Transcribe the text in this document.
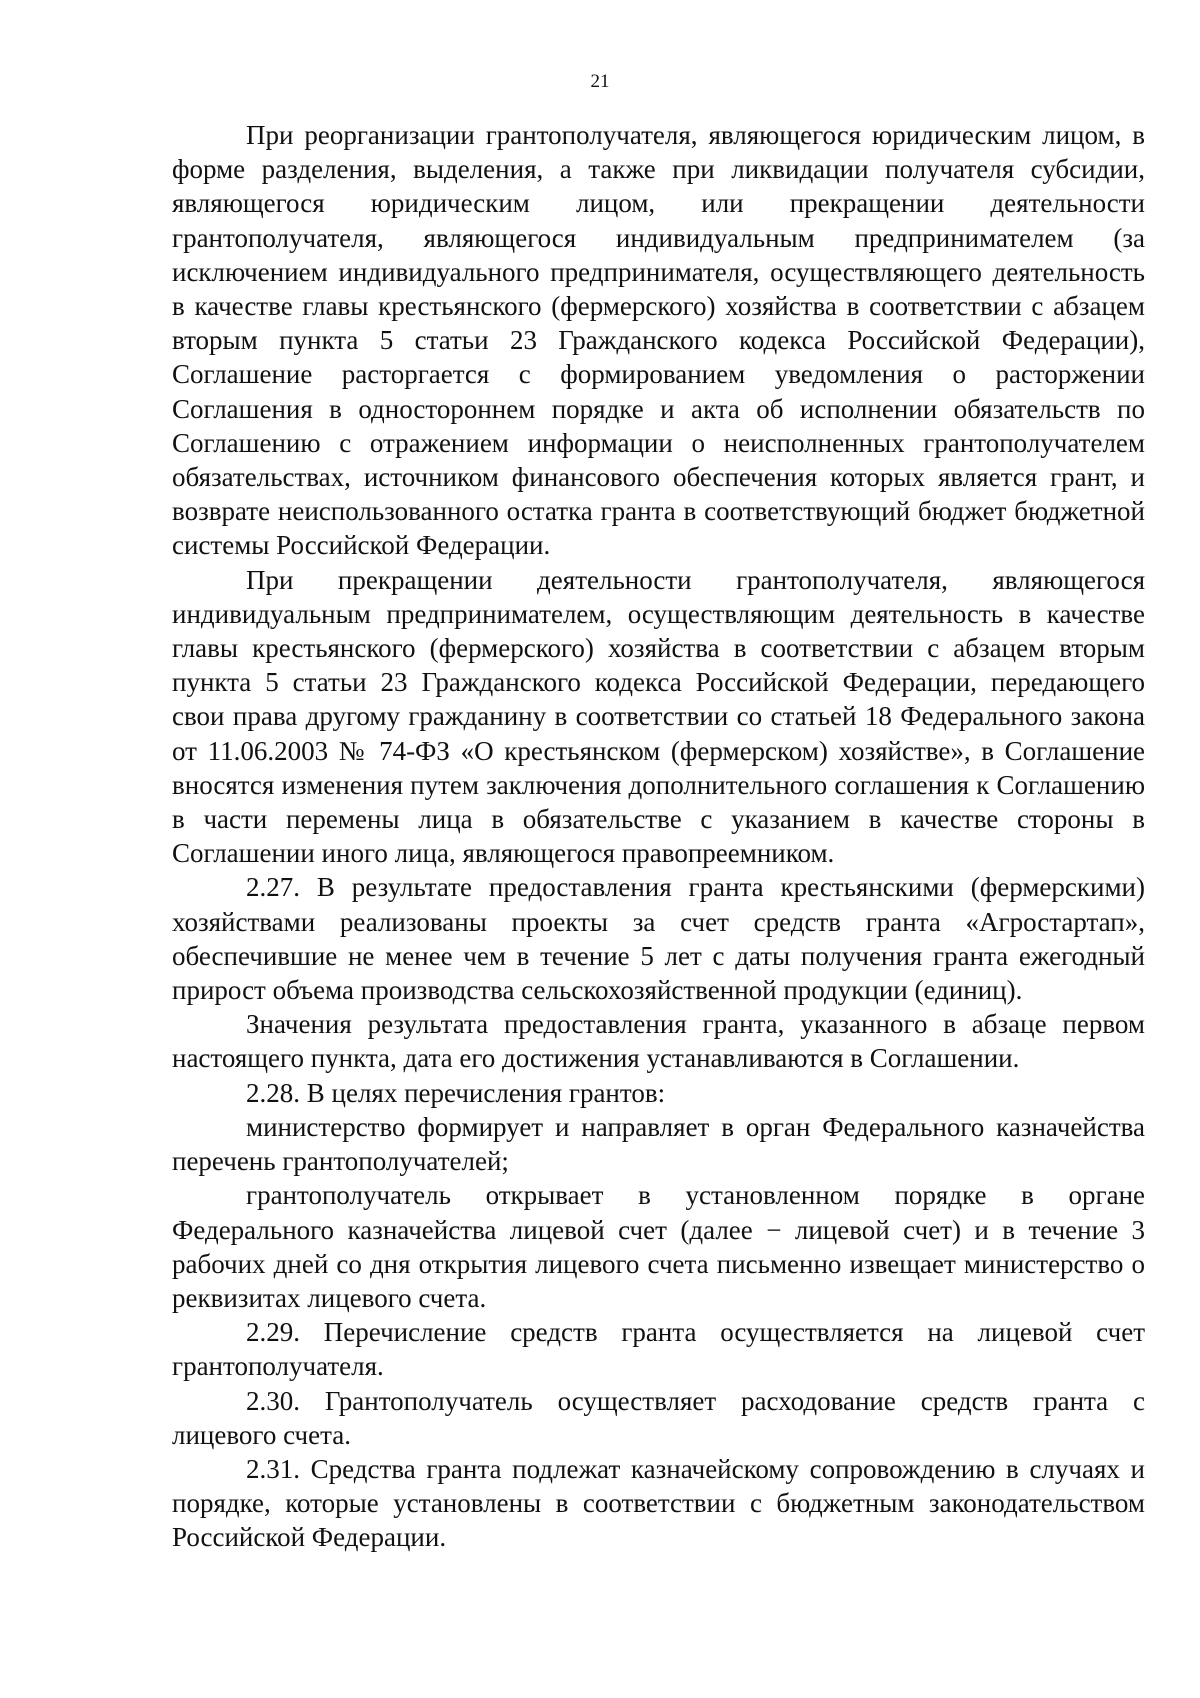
21

При реорганизации грантополучателя, являющегося юридическим лицом, в форме разделения, выделения, а также при ликвидации получателя субсидии, являющегося юридическим лицом, или прекращении деятельности грантополучателя, являющегося индивидуальным предпринимателем (за исключением индивидуального предпринимателя, осуществляющего деятельность в качестве главы крестьянского (фермерского) хозяйства в соответствии с абзацем вторым пункта 5 статьи 23 Гражданского кодекса Российской Федерации), Соглашение расторгается с формированием уведомления о расторжении Соглашения в одностороннем порядке и акта об исполнении обязательств по Соглашению с отражением информации о неисполненных грантополучателем обязательствах, источником финансового обеспечения которых является грант, и возврате неиспользованного остатка гранта в соответствующий бюджет бюджетной системы Российской Федерации.

При прекращении деятельности грантополучателя, являющегося индивидуальным предпринимателем, осуществляющим деятельность в качестве главы крестьянского (фермерского) хозяйства в соответствии с абзацем вторым пункта 5 статьи 23 Гражданского кодекса Российской Федерации, передающего свои права другому гражданину в соответствии со статьей 18 Федерального закона от 11.06.2003 № 74-ФЗ «О крестьянском (фермерском) хозяйстве», в Соглашение вносятся изменения путем заключения дополнительного соглашения к Соглашению в части перемены лица в обязательстве с указанием в качестве стороны в Соглашении иного лица, являющегося правопреемником.

2.27. В результате предоставления гранта крестьянскими (фермерскими) хозяйствами реализованы проекты за счет средств гранта «Агростартап», обеспечившие не менее чем в течение 5 лет с даты получения гранта ежегодный прирост объема производства сельскохозяйственной продукции (единиц).

Значения результата предоставления гранта, указанного в абзаце первом настоящего пункта, дата его достижения устанавливаются в Соглашении.

2.28. В целях перечисления грантов:

министерство формирует и направляет в орган Федерального казначейства перечень грантополучателей;

грантополучатель открывает в установленном порядке в органе Федерального казначейства лицевой счет (далее − лицевой счет) и в течение 3 рабочих дней со дня открытия лицевого счета письменно извещает министерство о реквизитах лицевого счета.

2.29. Перечисление средств гранта осуществляется на лицевой счет грантополучателя.

2.30. Грантополучатель осуществляет расходование средств гранта с лицевого счета.

2.31. Средства гранта подлежат казначейскому сопровождению в случаях и порядке, которые установлены в соответствии с бюджетным законодательством Российской Федерации.
